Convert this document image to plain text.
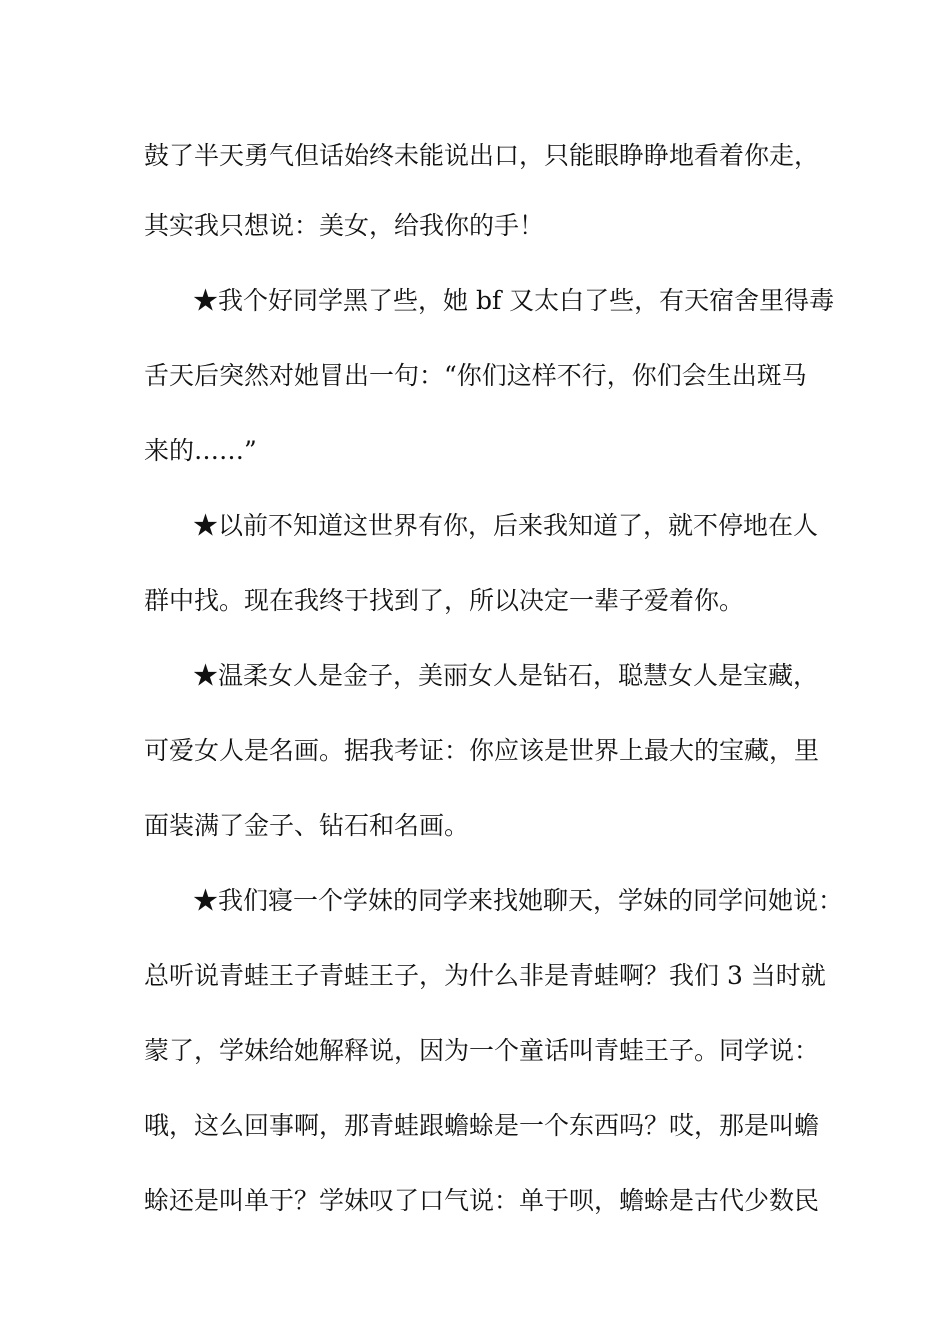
鼓了半天勇气但话始终未能说出口，只能眼睁睁地看着你走，
其实我只想说：美女，给我你的手！
★我个好同学黑了些，她 bf 又太白了些，有天宿舍里得毒
舌天后突然对她冒出一句：“你们这样不行，你们会生出斑马
来的……”
★以前不知道这世界有你，后来我知道了，就不停地在人
群中找。现在我终于找到了，所以决定一辈子爱着你。
★温柔女人是金子，美丽女人是钻石，聪慧女人是宝藏，
可爱女人是名画。据我考证：你应该是世界上最大的宝藏，里
面装满了金子、钻石和名画。
★我们寝一个学妹的同学来找她聊天，学妹的同学问她说：
总听说青蛙王子青蛙王子，为什么非是青蛙啊？我们 3 当时就
蒙了，学妹给她解释说，因为一个童话叫青蛙王子。同学说：
哦，这么回事啊，那青蛙跟蟾蜍是一个东西吗？哎，那是叫蟾
蜍还是叫单于？学妹叹了口气说：单于呗，蟾蜍是古代少数民
